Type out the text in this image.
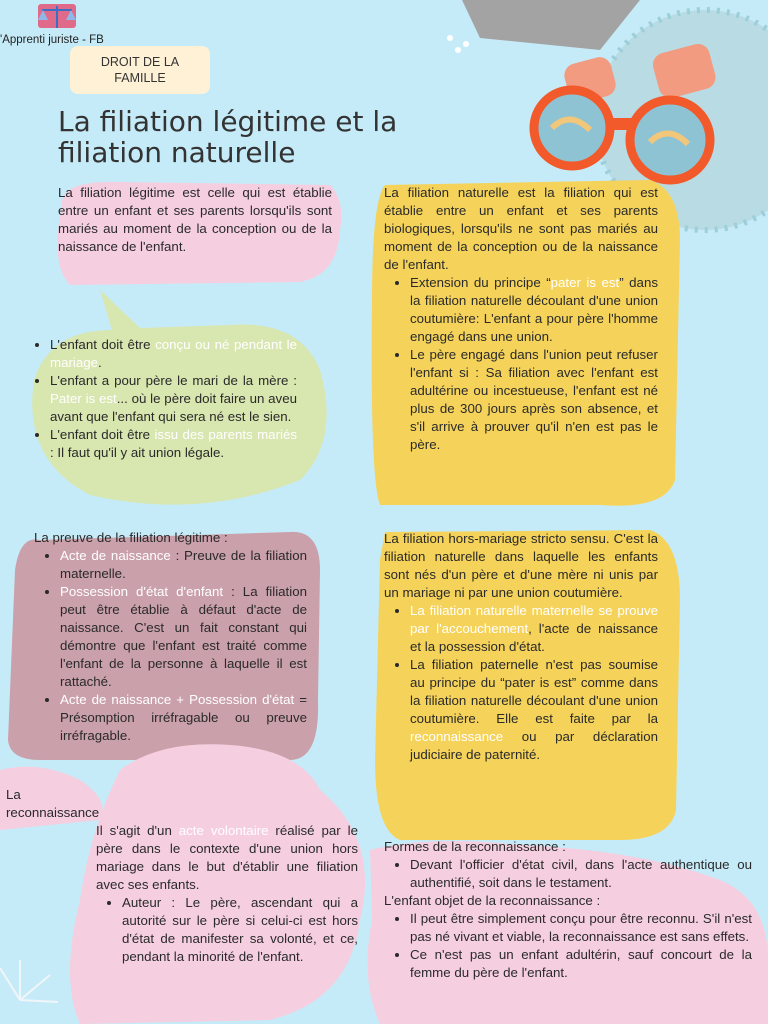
'Apprenti juriste - FB
DROIT DE LA
FAMILLE
La filiation légitime et la filiation naturelle

La filiation légitime est celle qui est établie entre un enfant et ses parents lorsqu'ils sont mariés au moment de la conception ou de la naissance de l'enfant.

• L'enfant doit être conçu ou né pendant le mariage.
• L'enfant a pour père le mari de la mère : Pater is est... où le père doit faire un aveu avant que l'enfant qui sera né est le sien.
• L'enfant doit être issu des parents mariés : Il faut qu'il y ait union légale.

La filiation naturelle est la filiation qui est établie entre un enfant et ses parents biologiques, lorsqu'ils ne sont pas mariés au moment de la conception ou de la naissance de l'enfant.

• Extension du principe “pater is est” dans la filiation naturelle découlant d'une union coutumière: L'enfant a pour père l'homme engagé dans une union.
• Le père engagé dans l'union peut refuser l'enfant si : Sa filiation avec l'enfant est adultérine ou incestueuse, l'enfant est né plus de 300 jours après son absence, et s'il arrive à prouver qu'il n'en est pas le père.

La preuve de la filiation légitime :

• Acte de naissance : Preuve de la filiation maternelle.
• Possession d'état d'enfant : La filiation peut être établie à défaut d'acte de naissance. C'est un fait constant qui démontre que l'enfant est traité comme l'enfant de la personne à laquelle il est rattaché.
• Acte de naissance + Possession d'état = Présomption irréfragable ou preuve irréfragable.

La filiation hors-mariage stricto sensu. C'est la filiation naturelle dans laquelle les enfants sont nés d'un père et d'une mère ni unis par un mariage ni par une union coutumière.

• La filiation naturelle maternelle se prouve par l'accouchement, l'acte de naissance et la possession d'état.
• La filiation paternelle n'est pas soumise au principe du “pater is est” comme dans la filiation naturelle découlant d'une union coutumière. Elle est faite par la reconnaissance ou par déclaration judiciaire de paternité.

La

reconnaissance

Il s'agit d'un acte volontaire réalisé par le père dans le contexte d'une union hors mariage dans le but d'établir une filiation avec ses enfants.

• Auteur : Le père, ascendant qui a autorité sur le père si celui-ci est hors d'état de manifester sa volonté, et ce, pendant la minorité de l'enfant.

Formes de la reconnaissance :

• Devant l'officier d'état civil, dans l'acte authentique ou authentifié, soit dans le testament.

L'enfant objet de la reconnaissance :

• Il peut être simplement conçu pour être reconnu. S'il n'est pas né vivant et viable, la reconnaissance est sans effets.
• Ce n'est pas un enfant adultérin, sauf concourt de la femme du père de l'enfant.
